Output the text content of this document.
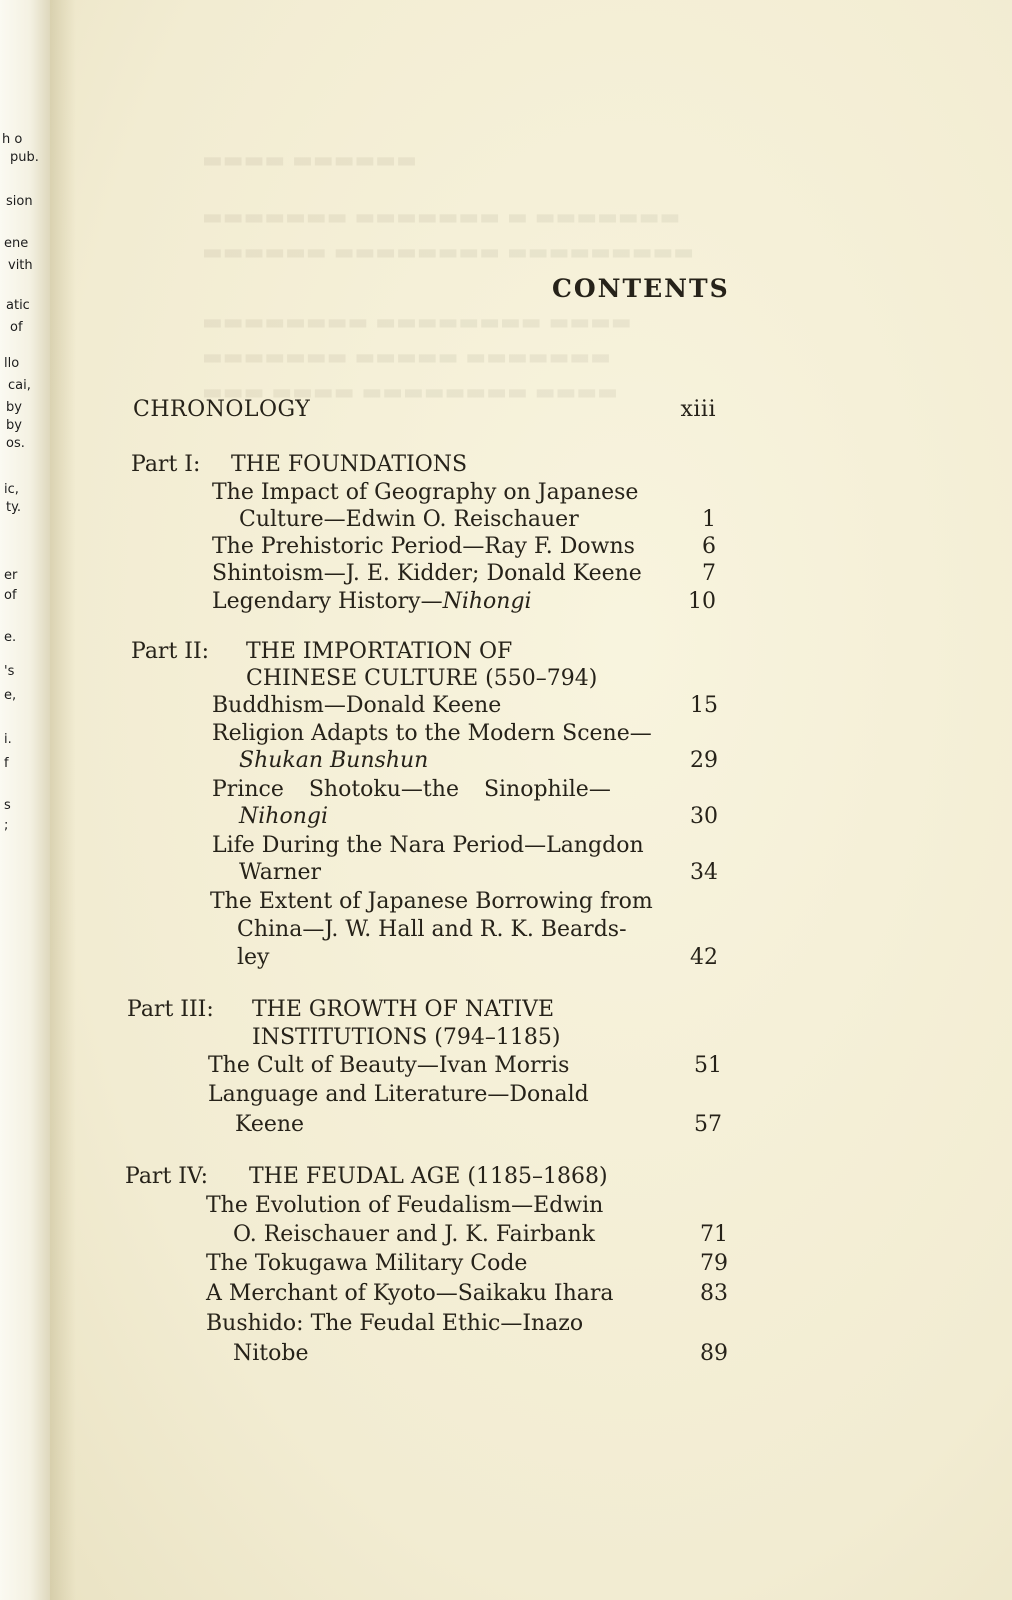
h o
pub.
sion
ene
vith
atic
of
llo
cai,
by
by
os.
ic,
ty.
er
of
e.
's
e,
i.
f
s
;
▬▬▬▬ ▬▬▬▬▬▬
▬▬▬▬▬▬▬ ▬▬▬▬▬▬▬ ▬ ▬▬▬▬▬▬▬
▬▬▬▬▬▬ ▬▬▬▬▬▬▬▬ ▬▬▬▬▬▬▬▬▬
▬▬▬▬▬▬▬▬ ▬▬▬▬▬▬▬▬ ▬▬▬▬
▬▬▬▬▬▬▬ ▬▬▬▬▬ ▬▬▬▬▬▬▬
▬▬▬ ▬▬▬▬ ▬▬▬▬▬▬▬▬ ▬▬▬▬
CONTENTS
CHRONOLOGY	xiii
Part I: THE FOUNDATIONS
The Impact of Geography on Japanese
Culture—Edwin O. Reischauer	1
The Prehistoric Period—Ray F. Downs	6
Shintoism—J. E. Kidder; Donald Keene	7
Legendary History—Nihongi	10
Part II: THE IMPORTATION OF
CHINESE CULTURE (550–794)
Buddhism—Donald Keene	15
Religion Adapts to the Modern Scene—
Shukan Bunshun	29
Prince Shotoku—the Sinophile—
Nihongi	30
Life During the Nara Period—Langdon
Warner	34
The Extent of Japanese Borrowing from
China—J. W. Hall and R. K. Beards-
ley	42
Part III: THE GROWTH OF NATIVE
INSTITUTIONS (794–1185)
The Cult of Beauty—Ivan Morris	51
Language and Literature—Donald
Keene	57
Part IV: THE FEUDAL AGE (1185–1868)
The Evolution of Feudalism—Edwin
O. Reischauer and J. K. Fairbank	71
The Tokugawa Military Code	79
A Merchant of Kyoto—Saikaku Ihara	83
Bushido: The Feudal Ethic—Inazo
Nitobe	89
